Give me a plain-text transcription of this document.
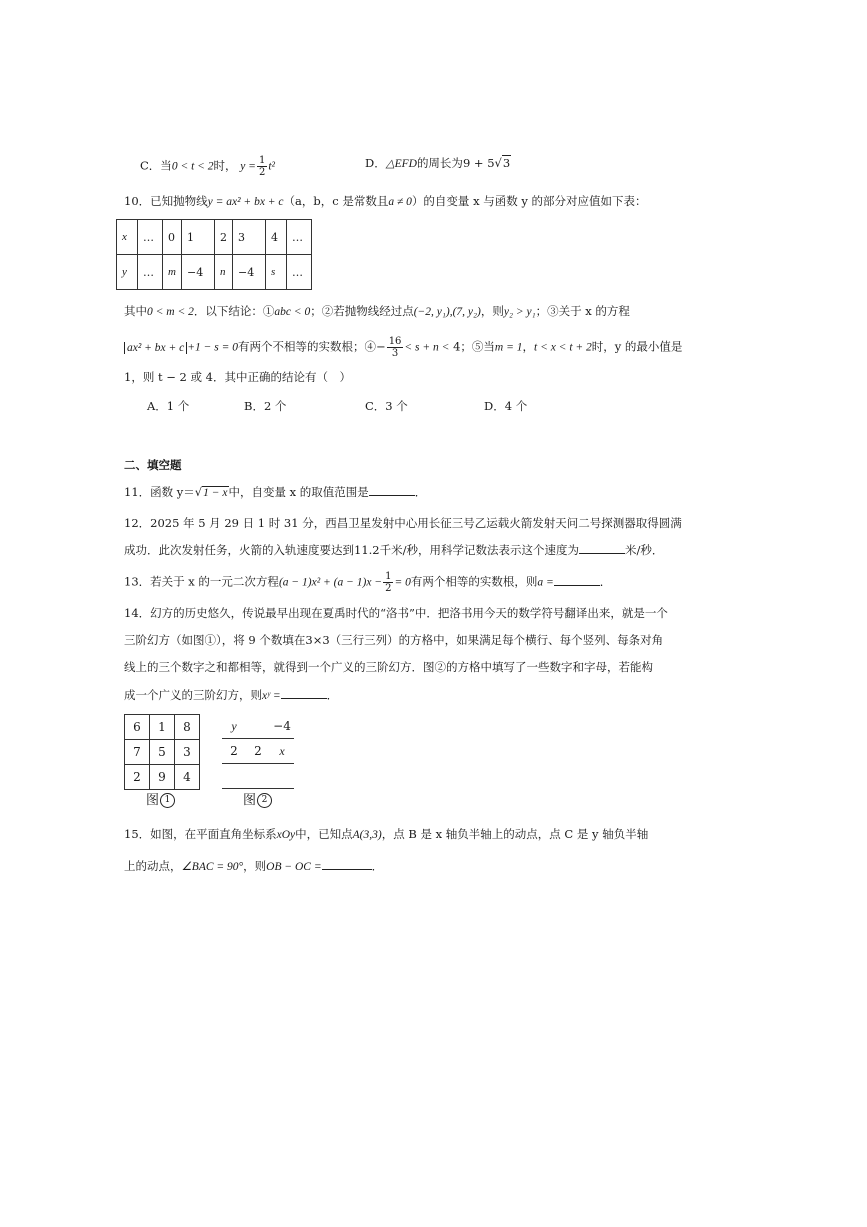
C．当0 < t < 2时， $y = \frac{1}{2} t^2$	D．△EFD的周长为9 + 5√3
10．已知抛物线y = ax² + bx + c（a，b，c 是常数且a ≠ 0）的自变量 x 与函数 y 的部分对应值如下表：
x	…	0	1	2	3	4	…
y	…	m	−4	n	−4	s	…
其中0 < m < 2．以下结论：①abc < 0；②若抛物线经过点(−2, y₁),(7, y₂)，则y₂ > y₁；③关于 x 的方程
ax² + bx + c +1 − s = 0有两个不相等的实数根；④− $\frac{16}{3} < s + n < 4$；⑤当m = 1，t < x < t + 2时，y 的最小值是
1，则 t − 2 或 4．其中正确的结论有（　）
A．1 个	B．2 个	C．3 个	D．4 个
二、填空题
11．函数 y＝√1 − x中，自变量 x 的取值范围是	．
12．2025 年 5 月 29 日 1 时 31 分，西昌卫星发射中心用长征三号乙运载火箭发射天问二号探测器取得圆满
成功．此次发射任务，火箭的入轨速度要达到11.2千米/秒，用科学记数法表示这个速度为	米/秒．
13．若关于 x 的一元二次方程$(a - 1)x^2 + (a - 1)x - \frac{1}{2} = 0$有两个相等的实数根，则a =	．
14．幻方的历史悠久，传说最早出现在夏禹时代的“洛书”中．把洛书用今天的数学符号翻译出来，就是一个
三阶幻方（如图①），将 9 个数填在3×3（三行三列）的方格中，如果满足每个横行、每个竖列、每条对角
线上的三个数字之和都相等，就得到一个广义的三阶幻方．图②的方格中填写了一些数字和字母，若能构
成一个广义的三阶幻方，则xʸ =	．
6	1	8
7	5	3
2	9	4
图 1
y		−4
2	2	x

图 2
15．如图，在平面直角坐标系xOy中，已知点A(3,3)，点 B 是 x 轴负半轴上的动点，点 C 是 y 轴负半轴
上的动点，∠BAC = 90°，则OB − OC =	．
